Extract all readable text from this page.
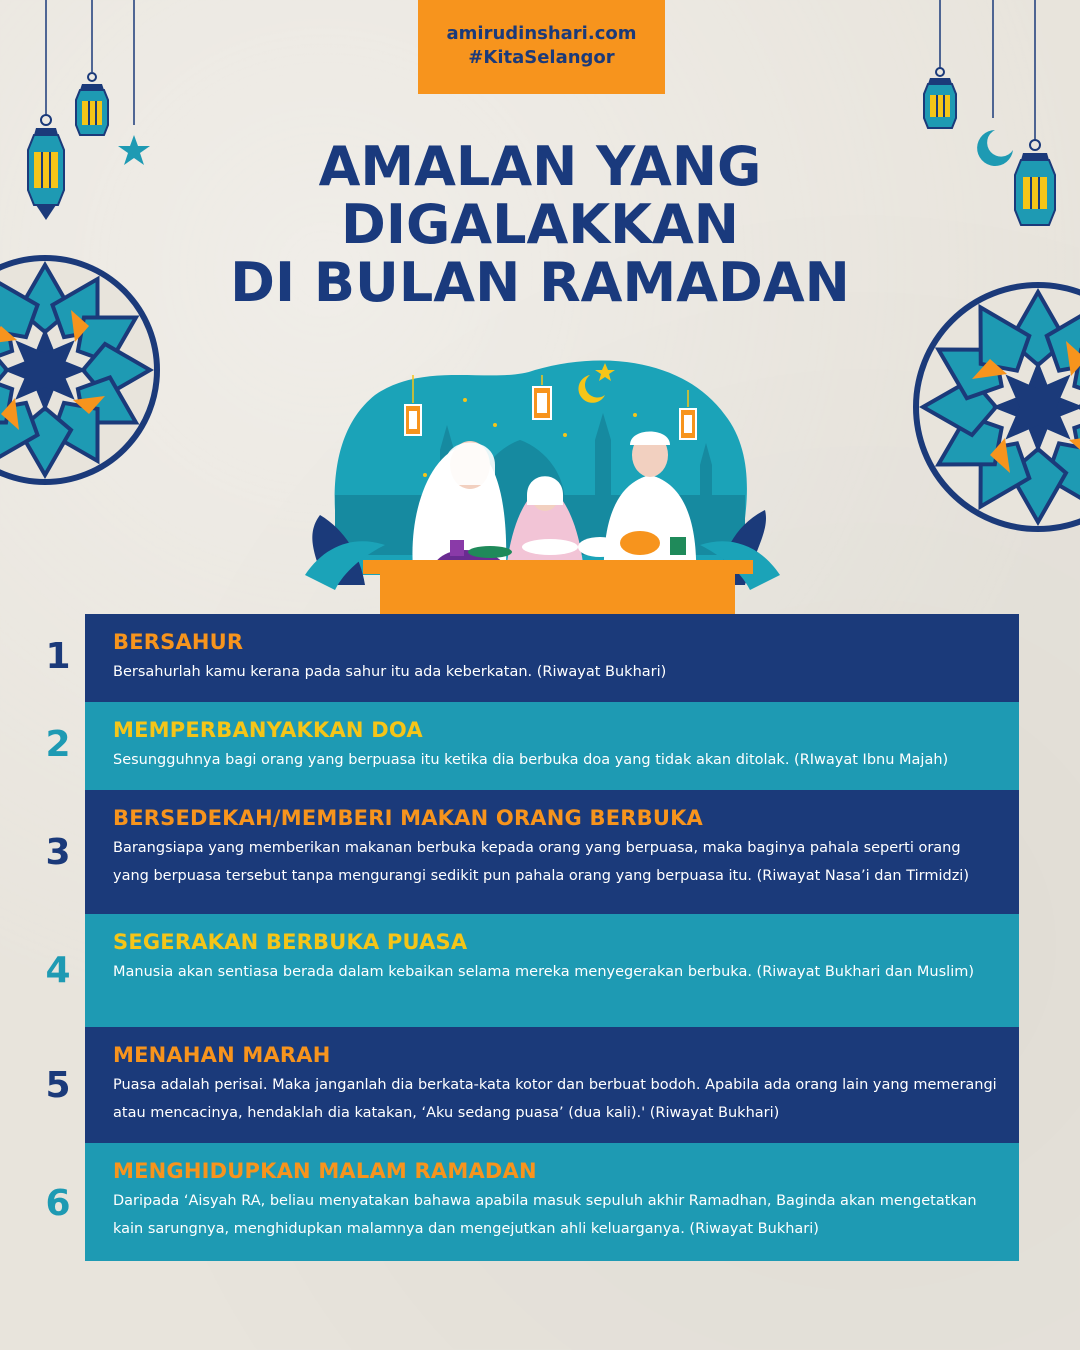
amirudinshari.com
#KitaSelangor
AMALAN YANG
DIGALAKKAN
DI BULAN RAMADAN
1	BERSAHUR
Bersahurlah kamu kerana pada sahur itu ada keberkatan. (Riwayat Bukhari)
2	MEMPERBANYAKKAN DOA
Sesungguhnya bagi orang yang berpuasa itu ketika dia berbuka doa yang tidak akan ditolak. (RIwayat Ibnu Majah)
3
BERSEDEKAH/MEMBERI MAKAN ORANG BERBUKA
Barangsiapa yang memberikan makanan berbuka kepada orang yang berpuasa, maka baginya pahala seperti orang yang berpuasa tersebut tanpa mengurangi sedikit pun pahala orang yang berpuasa itu. (Riwayat Nasa’i dan Tirmidzi)
4
SEGERAKAN BERBUKA PUASA
Manusia akan sentiasa berada dalam kebaikan selama mereka menyegerakan berbuka. (Riwayat Bukhari dan Muslim)
5
MENAHAN MARAH
Puasa adalah perisai. Maka janganlah dia berkata-kata kotor dan berbuat bodoh. Apabila ada orang lain yang memerangi atau mencacinya, hendaklah dia katakan, ‘Aku sedang puasa’ (dua kali).' (Riwayat Bukhari)
6
MENGHIDUPKAN MALAM RAMADAN
Daripada ‘Aisyah RA, beliau menyatakan bahawa apabila masuk sepuluh akhir Ramadhan, Baginda akan mengetatkan kain sarungnya, menghidupkan malamnya dan mengejutkan ahli keluarganya. (Riwayat Bukhari)
